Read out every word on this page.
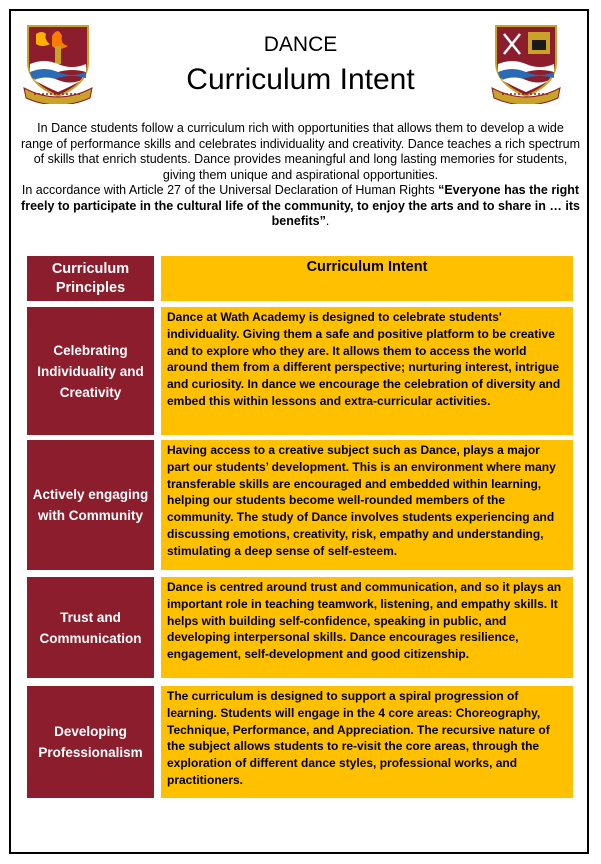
DANCE
Curriculum Intent

In Dance students follow a curriculum rich with opportunities that allows them to develop a wide range of performance skills and celebrates individuality and creativity. Dance teaches a rich spectrum of skills that enrich students. Dance provides meaningful and long lasting memories for students, giving them unique and aspirational opportunities.

In accordance with Article 27 of the Universal Declaration of Human Rights “Everyone has the right freely to participate in the cultural life of the community, to enjoy the arts and to share in … its benefits”.

Curriculum Principles
Curriculum Intent
Celebrating Individuality and Creativity
Dance at Wath Academy is designed to celebrate students' individuality. Giving them a safe and positive platform to be creative and to explore who they are. It allows them to access the world around them from a different perspective; nurturing interest, intrigue and curiosity. In dance we encourage the celebration of diversity and embed this within lessons and extra-curricular activities.
Actively engaging with Community
Having access to a creative subject such as Dance, plays a major part our students’ development. This is an environment where many transferable skills are encouraged and embedded within learning, helping our students become well-rounded members of the community. The study of Dance involves students experiencing and discussing emotions, creativity, risk, empathy and understanding, stimulating a deep sense of self-esteem.
Trust and Communication
Dance is centred around trust and communication, and so it plays an important role in teaching teamwork, listening, and empathy skills. It helps with building self-confidence, speaking in public, and developing interpersonal skills. Dance encourages resilience, engagement, self-development and good citizenship.
Developing Professionalism
The curriculum is designed to support a spiral progression of learning. Students will engage in the 4 core areas: Choreography, Technique, Performance, and Appreciation. The recursive nature of the subject allows students to re-visit the core areas, through the exploration of different dance styles, professional works, and practitioners.
